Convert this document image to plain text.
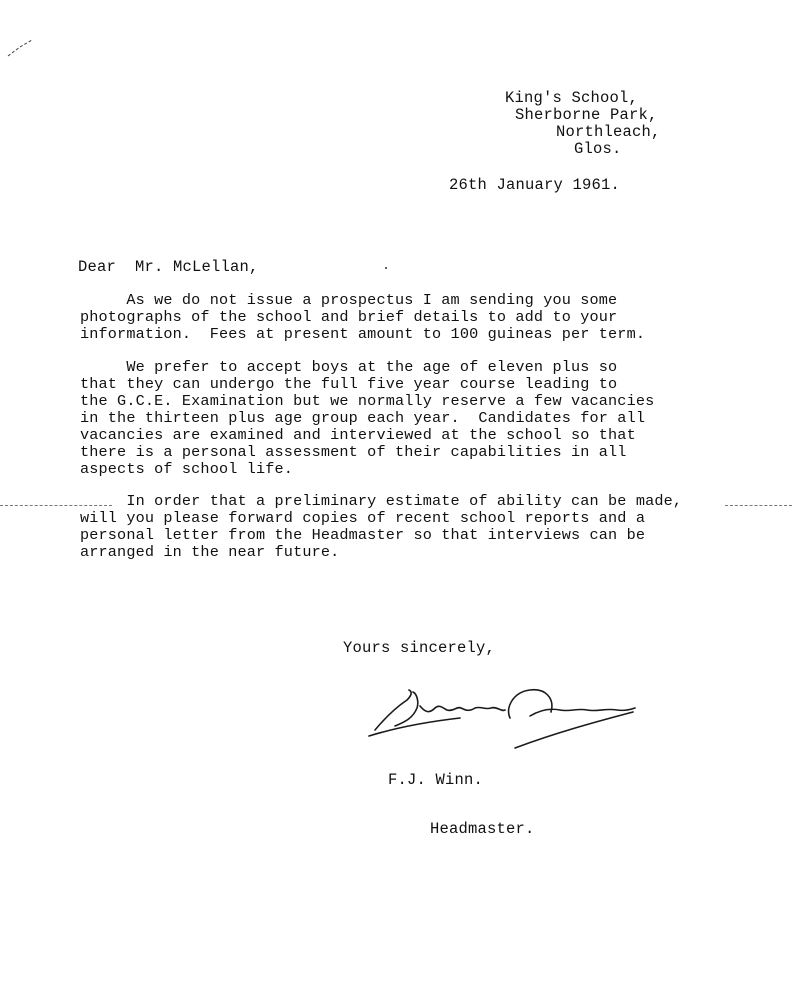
King's School,
Sherborne Park,
Northleach,
Glos.
26th January 1961.
Dear  Mr. McLellan,
As we do not issue a prospectus I am sending you some
photographs of the school and brief details to add to your
information.  Fees at present amount to 100 guineas per term.
We prefer to accept boys at the age of eleven plus so
that they can undergo the full five year course leading to
the G.C.E. Examination but we normally reserve a few vacancies
in the thirteen plus age group each year.  Candidates for all
vacancies are examined and interviewed at the school so that
there is a personal assessment of their capabilities in all
aspects of school life.
In order that a preliminary estimate of ability can be made,
will you please forward copies of recent school reports and a
personal letter from the Headmaster so that interviews can be
arranged in the near future.
Yours sincerely,
F.J. Winn.
Headmaster.
